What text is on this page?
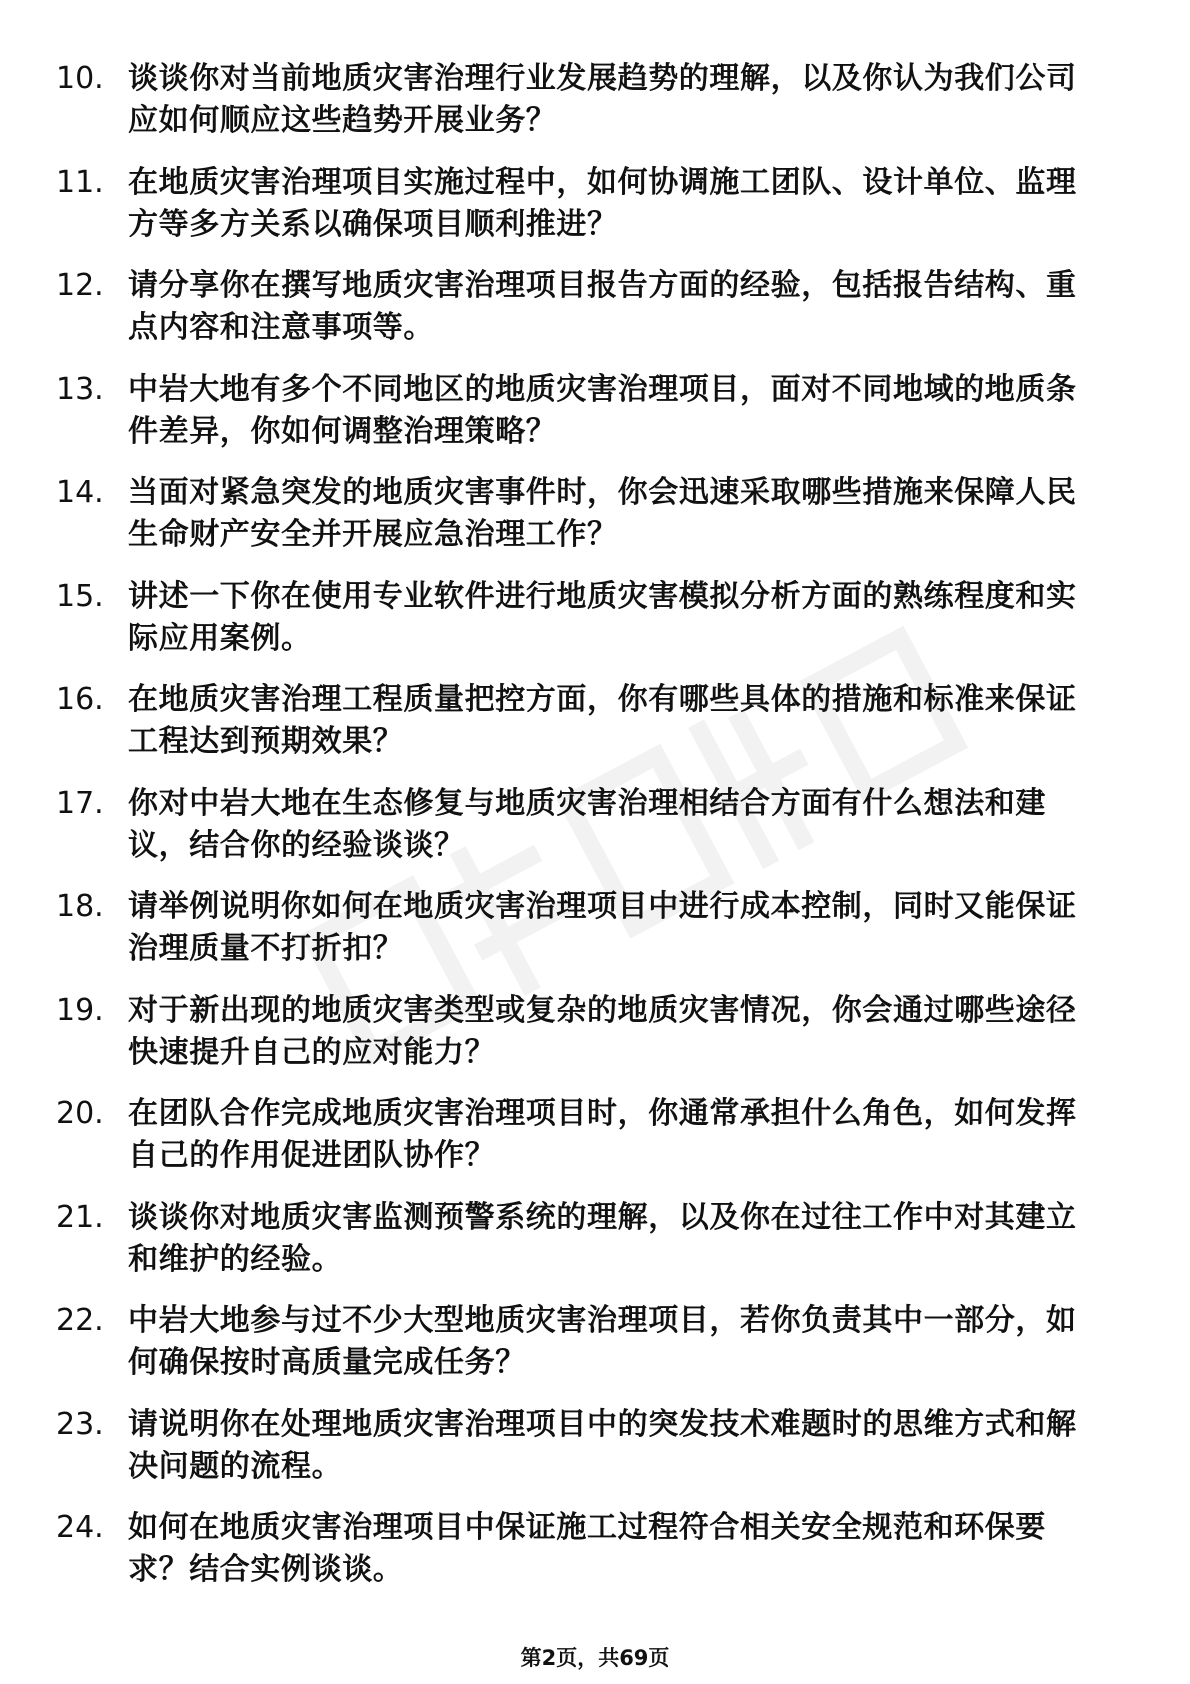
10. 谈谈你对当前地质灾害治理行业发展趋势的理解，以及你认为我们公司应如何顺应这些趋势开展业务？
11. 在地质灾害治理项目实施过程中，如何协调施工团队、设计单位、监理方等多方关系以确保项目顺利推进？
12. 请分享你在撰写地质灾害治理项目报告方面的经验，包括报告结构、重点内容和注意事项等。
13. 中岩大地有多个不同地区的地质灾害治理项目，面对不同地域的地质条件差异，你如何调整治理策略？
14. 当面对紧急突发的地质灾害事件时，你会迅速采取哪些措施来保障人民生命财产安全并开展应急治理工作？
15. 讲述一下你在使用专业软件进行地质灾害模拟分析方面的熟练程度和实际应用案例。
16. 在地质灾害治理工程质量把控方面，你有哪些具体的措施和标准来保证工程达到预期效果？
17. 你对中岩大地在生态修复与地质灾害治理相结合方面有什么想法和建议，结合你的经验谈谈？
18. 请举例说明你如何在地质灾害治理项目中进行成本控制，同时又能保证治理质量不打折扣？
19. 对于新出现的地质灾害类型或复杂的地质灾害情况，你会通过哪些途径快速提升自己的应对能力？
20. 在团队合作完成地质灾害治理项目时，你通常承担什么角色，如何发挥自己的作用促进团队协作？
21. 谈谈你对地质灾害监测预警系统的理解，以及你在过往工作中对其建立和维护的经验。
22. 中岩大地参与过不少大型地质灾害治理项目，若你负责其中一部分，如何确保按时高质量完成任务？
23. 请说明你在处理地质灾害治理项目中的突发技术难题时的思维方式和解决问题的流程。
24. 如何在地质灾害治理项目中保证施工过程符合相关安全规范和环保要求？结合实例谈谈。
第2页，共69页
